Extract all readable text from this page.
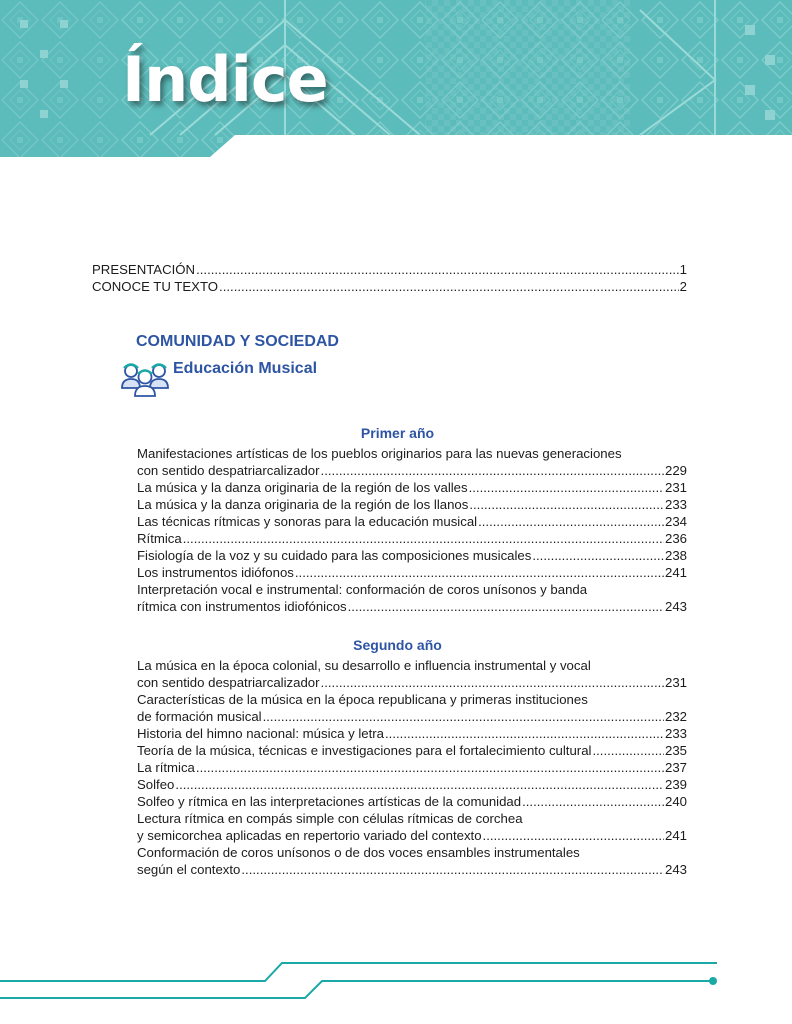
Índice
PRESENTACIÓN .....	1
CONOCE TU TEXTO .....	2
COMUNIDAD Y SOCIEDAD
Educación Musical
Primer año
Manifestaciones artísticas de los pueblos originarios para las nuevas generaciones
con sentido despatriarcalizador .....	229
La música y la danza originaria de la región de los valles .....	231
La música y la danza originaria de la región de los llanos .....	233
Las técnicas rítmicas y sonoras para la educación musical .....	234
Rítmica .....	236
Fisiología de la voz y su cuidado para las composiciones musicales .....	238
Los instrumentos idiófonos .....	241
Interpretación vocal e instrumental: conformación de coros unísonos y banda
rítmica con instrumentos idiofónicos .....	243
Segundo año
La música en la época colonial, su desarrollo e influencia instrumental y vocal
con sentido despatriarcalizador .....	231
Características de la música en la época republicana y primeras instituciones
de formación musical .....	232
Historia del himno nacional: música y letra .....	233
Teoría de la música, técnicas e investigaciones para el fortalecimiento cultural .....	235
La rítmica .....	237
Solfeo .....	239
Solfeo y rítmica en las interpretaciones artísticas de la comunidad .....	240
Lectura rítmica en compás simple con células rítmicas de corchea
y semicorchea aplicadas en repertorio variado del contexto .....	241
Conformación de coros unísonos o de dos voces ensambles instrumentales
según el contexto .....	243
